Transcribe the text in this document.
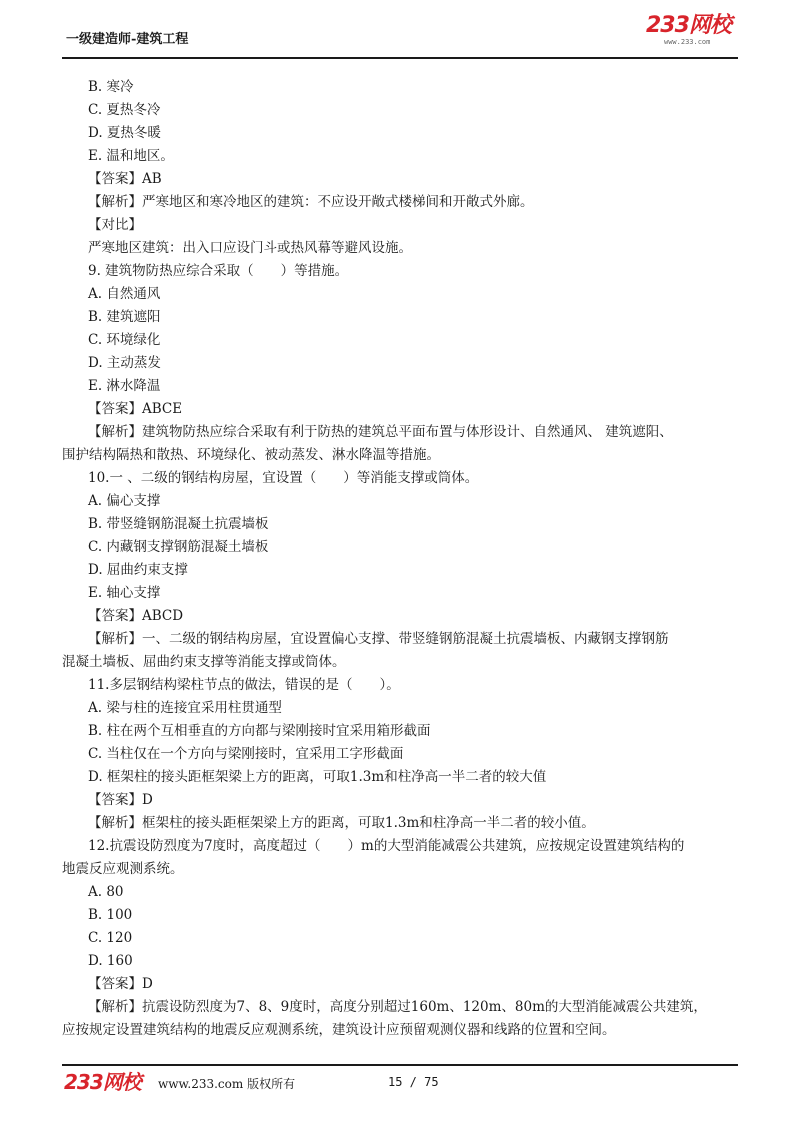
一级建造师-建筑工程
233网校
www.233.com
B. 寒冷
C. 夏热冬冷
D. 夏热冬暖
E. 温和地区。
【答案】AB
【解析】严寒地区和寒冷地区的建筑：不应设开敞式楼梯间和开敞式外廊。
【对比】
严寒地区建筑：出入口应设门斗或热风幕等避风设施。
9. 建筑物防热应综合采取（　　）等措施。
A. 自然通风
B. 建筑遮阳
C. 环境绿化
D. 主动蒸发
E. 淋水降温
【答案】ABCE
【解析】建筑物防热应综合采取有利于防热的建筑总平面布置与体形设计、自然通风、 建筑遮阳、
围护结构隔热和散热、环境绿化、被动蒸发、淋水降温等措施。
10.一 、二级的钢结构房屋，宜设置（　　）等消能支撑或筒体。
A. 偏心支撑
B. 带竖缝钢筋混凝土抗震墙板
C. 内藏钢支撑钢筋混凝土墙板
D. 屈曲约束支撑
E. 轴心支撑
【答案】ABCD
【解析】一、二级的钢结构房屋，宜设置偏心支撑、带竖缝钢筋混凝土抗震墙板、内藏钢支撑钢筋
混凝土墙板、屈曲约束支撑等消能支撑或筒体。
11.多层钢结构梁柱节点的做法，错误的是（　　）。
A. 梁与柱的连接宜采用柱贯通型
B. 柱在两个互相垂直的方向都与梁刚接时宜采用箱形截面
C. 当柱仅在一个方向与梁刚接时，宜采用工字形截面
D. 框架柱的接头距框架梁上方的距离，可取1.3m和柱净高一半二者的较大值
【答案】D
【解析】框架柱的接头距框架梁上方的距离，可取1.3m和柱净高一半二者的较小值。
12.抗震设防烈度为7度时，高度超过（　　）m的大型消能减震公共建筑，应按规定设置建筑结构的
地震反应观测系统。
A. 80
B. 100
C. 120
D. 160
【答案】D
【解析】抗震设防烈度为7、8、9度时，高度分别超过160m、120m、80m的大型消能减震公共建筑，
应按规定设置建筑结构的地震反应观测系统，建筑设计应预留观测仪器和线路的位置和空间。
233网校	www.233.com 版权所有	15 / 75
